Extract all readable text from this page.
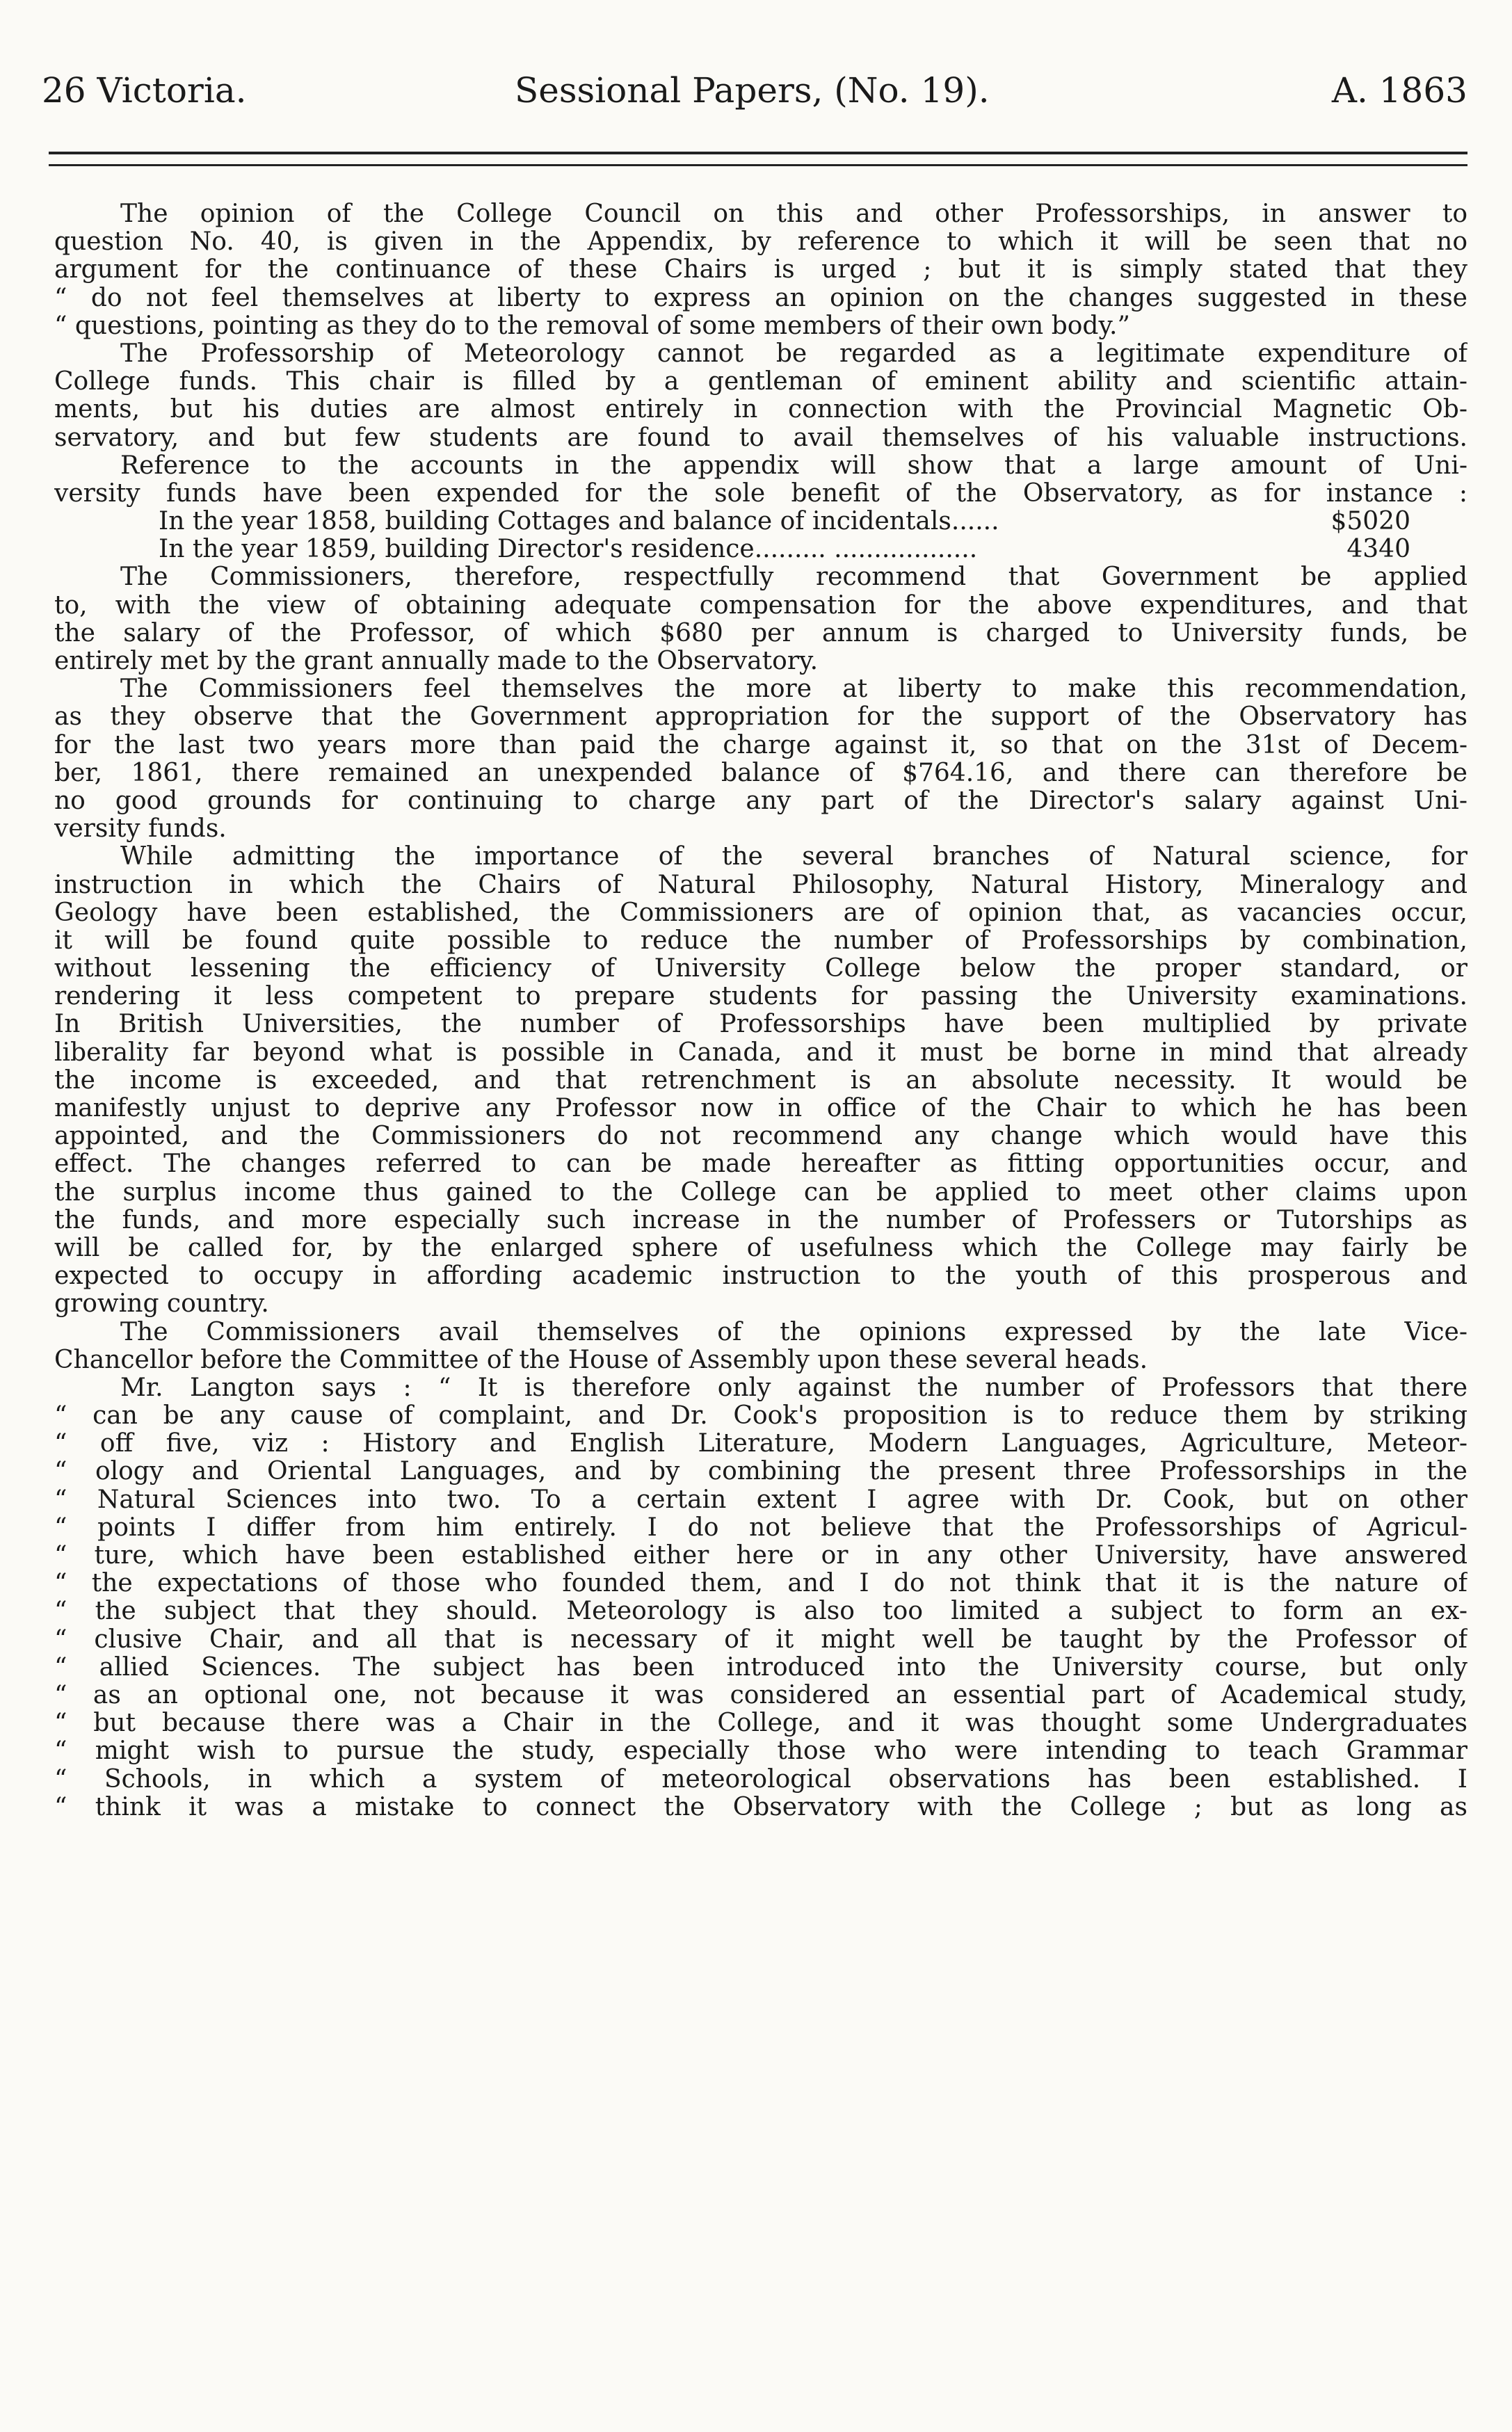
26 Victoria.	Sessional Papers, (No. 19).	A. 1863
The opinion of the College Council on this and other Professorships, in answer to
question No. 40, is given in the Appendix, by reference to which it will be seen that no
argument for the continuance of these Chairs is urged ; but it is simply stated that they
“ do not feel themselves at liberty to express an opinion on the changes suggested in these
“ questions, pointing as they do to the removal of some members of their own body.”
The Professorship of Meteorology cannot be regarded as a legitimate expenditure of
College funds. This chair is filled by a gentleman of eminent ability and scientific attain-
ments, but his duties are almost entirely in connection with the Provincial Magnetic Ob-
servatory, and but few students are found to avail themselves of his valuable instructions.
Reference to the accounts in the appendix will show that a large amount of Uni-
versity funds have been expended for the sole benefit of the Observatory, as for instance :
In the year 1858, building Cottages and balance of incidentals......	$5020
In the year 1859, building Director's residence......... ..................	4340
The Commissioners, therefore, respectfully recommend that Government be applied
to, with the view of obtaining adequate compensation for the above expenditures, and that
the salary of the Professor, of which $680 per annum is charged to University funds, be
entirely met by the grant annually made to the Observatory.
The Commissioners feel themselves the more at liberty to make this recommendation,
as they observe that the Government appropriation for the support of the Observatory has
for the last two years more than paid the charge against it, so that on the 31st of Decem-
ber, 1861, there remained an unexpended balance of $764.16, and there can therefore be
no good grounds for continuing to charge any part of the Director's salary against Uni-
versity funds.
While admitting the importance of the several branches of Natural science, for
instruction in which the Chairs of Natural Philosophy, Natural History, Mineralogy and
Geology have been established, the Commissioners are of opinion that, as vacancies occur,
it will be found quite possible to reduce the number of Professorships by combination,
without lessening the efficiency of University College below the proper standard, or
rendering it less competent to prepare students for passing the University examinations.
In British Universities, the number of Professorships have been multiplied by private
liberality far beyond what is possible in Canada, and it must be borne in mind that already
the income is exceeded, and that retrenchment is an absolute necessity. It would be
manifestly unjust to deprive any Professor now in office of the Chair to which he has been
appointed, and the Commissioners do not recommend any change which would have this
effect. The changes referred to can be made hereafter as fitting opportunities occur, and
the surplus income thus gained to the College can be applied to meet other claims upon
the funds, and more especially such increase in the number of Professers or Tutorships as
will be called for, by the enlarged sphere of usefulness which the College may fairly be
expected to occupy in affording academic instruction to the youth of this prosperous and
growing country.
The Commissioners avail themselves of the opinions expressed by the late Vice-
Chancellor before the Committee of the House of Assembly upon these several heads.
Mr. Langton says : “ It is therefore only against the number of Professors that there
“ can be any cause of complaint, and Dr. Cook's proposition is to reduce them by striking
“ off five, viz : History and English Literature, Modern Languages, Agriculture, Meteor-
“ ology and Oriental Languages, and by combining the present three Professorships in the
“ Natural Sciences into two. To a certain extent I agree with Dr. Cook, but on other
“ points I differ from him entirely. I do not believe that the Professorships of Agricul-
“ ture, which have been established either here or in any other University, have answered
“ the expectations of those who founded them, and I do not think that it is the nature of
“ the subject that they should. Meteorology is also too limited a subject to form an ex-
“ clusive Chair, and all that is necessary of it might well be taught by the Professor of
“ allied Sciences. The subject has been introduced into the University course, but only
“ as an optional one, not because it was considered an essential part of Academical study,
“ but because there was a Chair in the College, and it was thought some Undergraduates
“ might wish to pursue the study, especially those who were intending to teach Grammar
“ Schools, in which a system of meteorological observations has been established. I
“ think it was a mistake to connect the Observatory with the College ; but as long as
